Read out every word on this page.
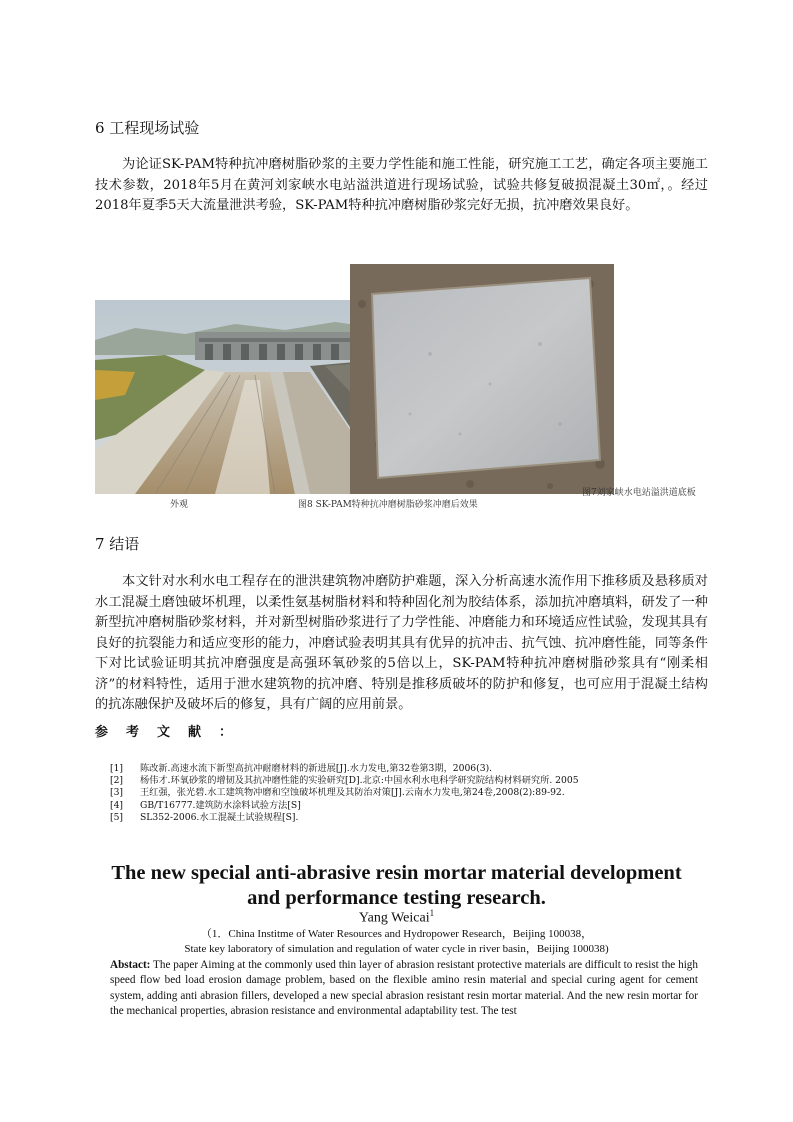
6 工程现场试验
为论证SK-PAM特种抗冲磨树脂砂浆的主要力学性能和施工性能，研究施工工艺，确定各项主要施工技术参数，2018年5月在黄河刘家峡水电站溢洪道进行现场试验，试验共修复破损混凝土30㎡，。经过2018年夏季5天大流量泄洪考验，SK-PAM特种抗冲磨树脂砂浆完好无损，抗冲磨效果良好。
外观	图8 SK-PAM特种抗冲磨树脂砂浆冲磨后效果
图7刘家峡水电站溢洪道底板
7 结语
本文针对水利水电工程存在的泄洪建筑物冲磨防护难题，深入分析高速水流作用下推移质及悬移质对水工混凝土磨蚀破坏机理，以柔性氨基树脂材料和特种固化剂为胶结体系，添加抗冲磨填料，研发了一种新型抗冲磨树脂砂浆材料，并对新型树脂砂浆进行了力学性能、冲磨能力和环境适应性试验，发现其具有良好的抗裂能力和适应变形的能力，冲磨试验表明其具有优异的抗冲击、抗气蚀、抗冲磨性能，同等条件下对比试验证明其抗冲磨强度是高强环氧砂浆的5倍以上，SK-PAM特种抗冲磨树脂砂浆具有“刚柔相济”的材料特性，适用于泄水建筑物的抗冲磨、特别是推移质破坏的防护和修复，也可应用于混凝土结构的抗冻融保护及破坏后的修复，具有广阔的应用前景。
参考文献：
[1]	陈改新.高速水流下新型高抗冲耐磨材料的新进展[J].水力发电,第32卷第3期，2006(3).
[2]	杨伟才.环氧砂浆的增韧及其抗冲磨性能的实验研究[D].北京:中国水利水电科学研究院结构材料研究所. 2005
[3]	王红强，张光碧.水工建筑物冲磨和空蚀破坏机理及其防治对策[J].云南水力发电,第24卷,2008(2):89-92.
[4]	GB/T16777.建筑防水涂料试验方法[S]
[5]	SL352-2006.水工混凝土试验规程[S].
The new special anti-abrasive resin mortar material development
and performance testing research.
Yang Weicai$^1$
（1．China Institme of Water Resources and Hydropower Research，Beijing 100038，
State key laboratory of simulation and regulation of water cycle in river basin，Beijing 100038)
Abstact: The paper Aiming at the commonly used thin layer of abrasion resistant protective materials are difficult to resist the high speed flow bed load erosion damage problem, based on the flexible amino resin material and special curing agent for cement system, adding anti abrasion fillers, developed a new special abrasion resistant resin mortar material. And the new resin mortar for the mechanical properties, abrasion resistance and environmental adaptability test. The test
